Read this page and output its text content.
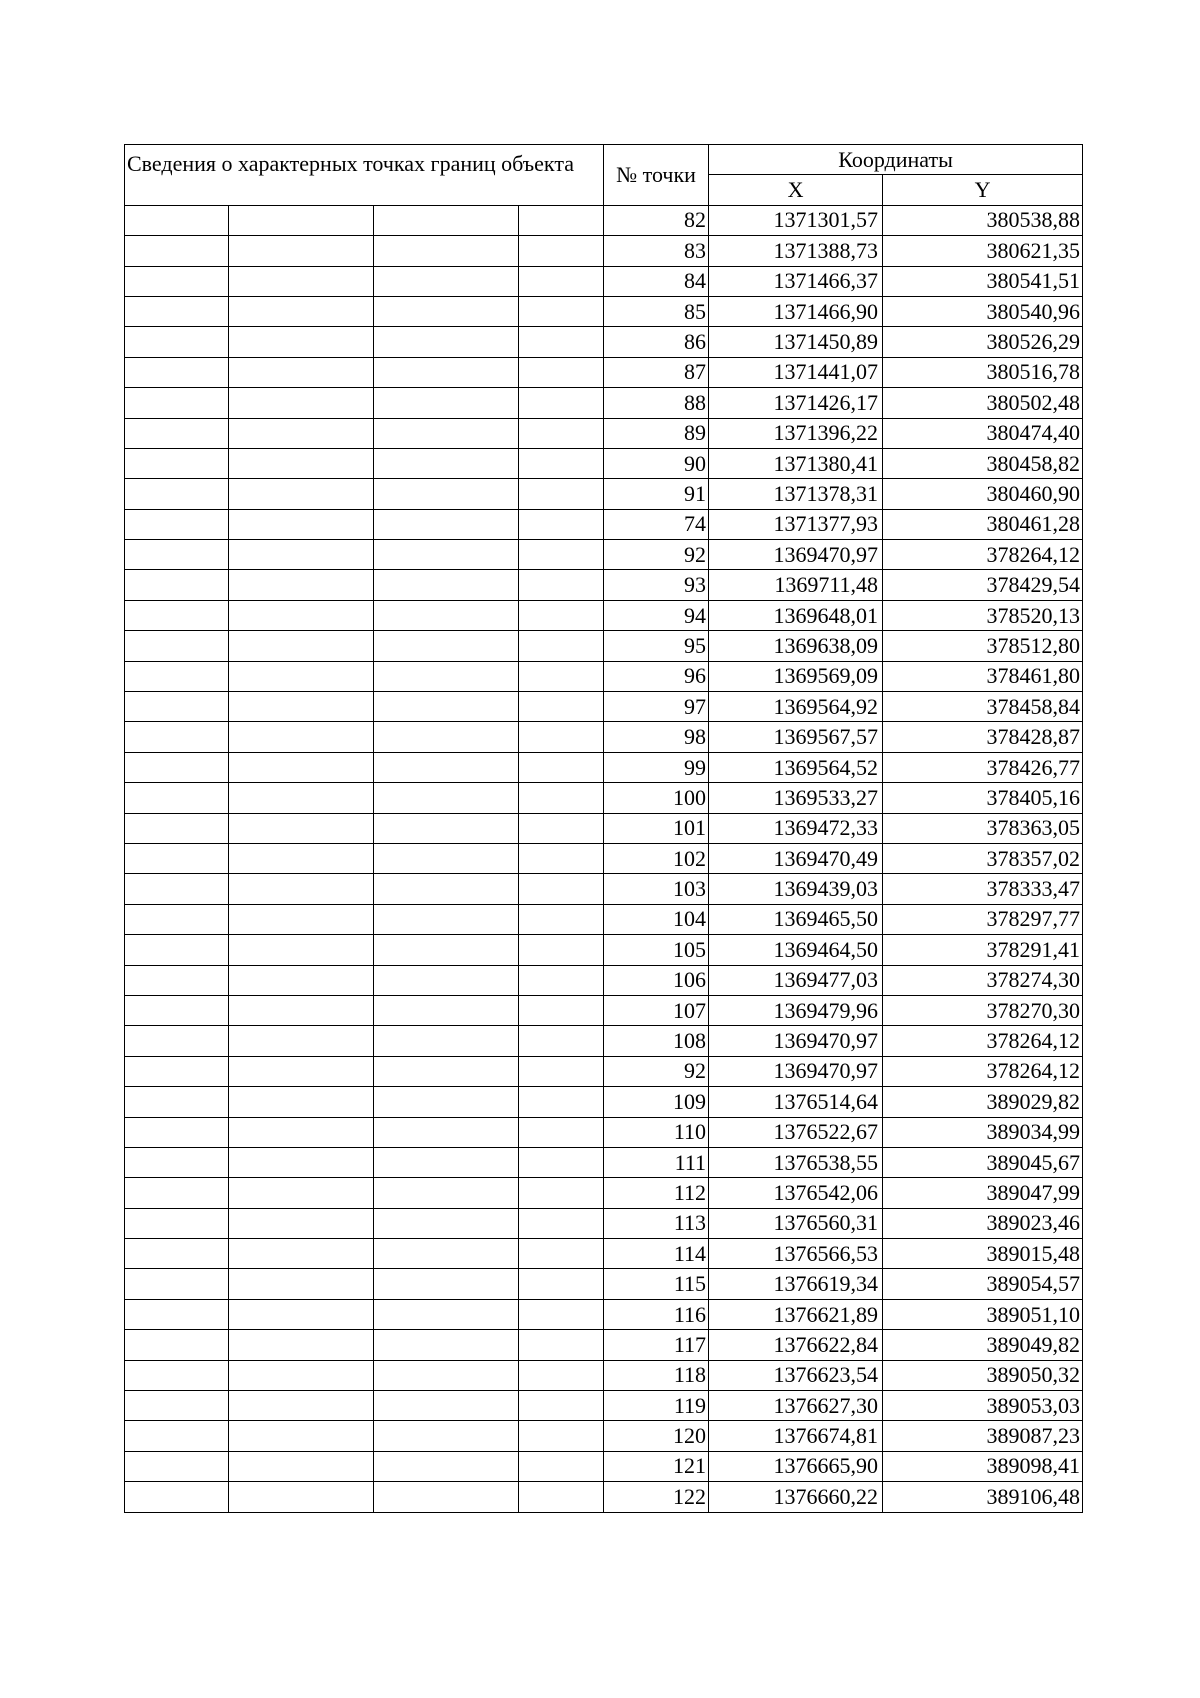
Сведения о характерных точках границ объекта				№ точки	Координаты	
					X	Y
				82	1371301,57	380538,88
				83	1371388,73	380621,35
				84	1371466,37	380541,51
				85	1371466,90	380540,96
				86	1371450,89	380526,29
				87	1371441,07	380516,78
				88	1371426,17	380502,48
				89	1371396,22	380474,40
				90	1371380,41	380458,82
				91	1371378,31	380460,90
				74	1371377,93	380461,28
				92	1369470,97	378264,12
				93	1369711,48	378429,54
				94	1369648,01	378520,13
				95	1369638,09	378512,80
				96	1369569,09	378461,80
				97	1369564,92	378458,84
				98	1369567,57	378428,87
				99	1369564,52	378426,77
				100	1369533,27	378405,16
				101	1369472,33	378363,05
				102	1369470,49	378357,02
				103	1369439,03	378333,47
				104	1369465,50	378297,77
				105	1369464,50	378291,41
				106	1369477,03	378274,30
				107	1369479,96	378270,30
				108	1369470,97	378264,12
				92	1369470,97	378264,12
				109	1376514,64	389029,82
				110	1376522,67	389034,99
				111	1376538,55	389045,67
				112	1376542,06	389047,99
				113	1376560,31	389023,46
				114	1376566,53	389015,48
				115	1376619,34	389054,57
				116	1376621,89	389051,10
				117	1376622,84	389049,82
				118	1376623,54	389050,32
				119	1376627,30	389053,03
				120	1376674,81	389087,23
				121	1376665,90	389098,41
				122	1376660,22	389106,48
